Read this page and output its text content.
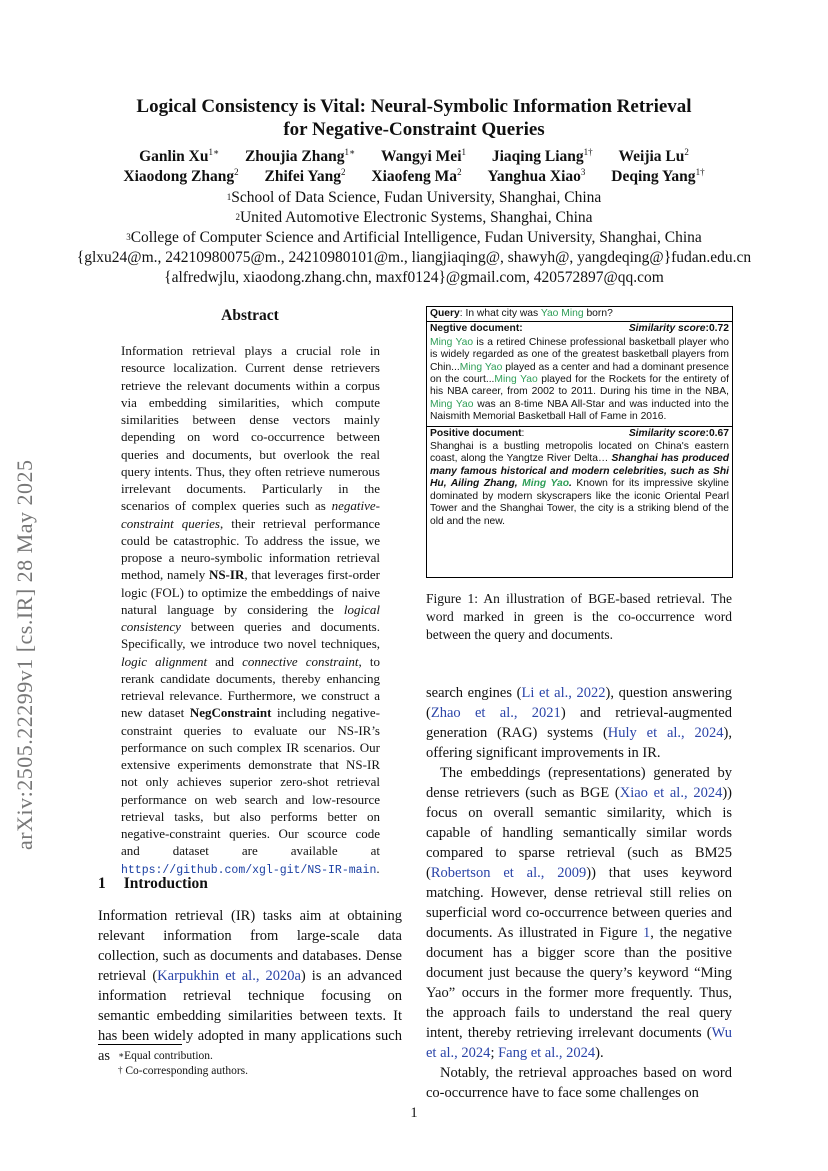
arXiv:2505.22299v1 [cs.IR] 28 May 2025
Logical Consistency is Vital: Neural-Symbolic Information Retrieval
for Negative-Constraint Queries
Ganlin $Xu^{1∗}$ Zhoujia Zhang$^{1∗}$ Wangyi Mei$^1$ Jiaqing Liang$^{1\dagger}$ Weijia Lu$^2$
Xiaodong Zhang$^2$ Zhifei Yang$^2$ Xiaofeng Ma$^2$ Yanghua Xiao$^3$ Deqing Yang$^{1\dagger}$
$^1$School of Data Science, Fudan University, Shanghai, China
$^2$United Automotive Electronic Systems, Shanghai, China
$^3$College of Computer Science and Artificial Intelligence, Fudan University, Shanghai, China
{glxu24@m., 24210980075@m., 24210980101@m., liangjiaqing@, shawyh@, yangdeqing@}fudan.edu.cn
{alfredwjlu, xiaodong.zhang.chn, maxf0124}@gmail.com, 420572897@qq.com
Abstract
Information retrieval plays a crucial role in resource localization. Current dense retrievers retrieve the relevant documents within a corpus via embedding similarities, which compute similarities between dense vectors mainly depending on word co-occurrence between queries and documents, but overlook the real query intents. Thus, they often retrieve numerous irrelevant documents. Particularly in the scenarios of complex queries such as negative-constraint queries, their retrieval performance could be catastrophic. To address the issue, we propose a neuro-symbolic information retrieval method, namely NS-IR, that leverages first-order logic (FOL) to optimize the embeddings of naive natural language by considering the logical consistency between queries and documents. Specifically, we introduce two novel techniques, logic alignment and connective constraint, to rerank candidate documents, thereby enhancing retrieval relevance. Furthermore, we construct a new dataset NegConstraint including negative-constraint queries to evaluate our NS-IR’s performance on such complex IR scenarios. Our extensive experiments demonstrate that NS-IR not only achieves superior zero-shot retrieval performance on web search and low-resource retrieval tasks, but also performs better on negative-constraint queries. Our scource code and dataset are available at https://github.com/xgl-git/NS-IR-main.
1 Introduction
Information retrieval (IR) tasks aim at obtaining relevant information from large-scale data collection, such as documents and databases. Dense retrieval (Karpukhin et al., 2020a) is an advanced information retrieval technique focusing on semantic embedding similarities between texts. It has been widely adopted in many applications such as ∗Equal contribution.
† Co-corresponding authors.
Query: In what city was Yao Ming born?
Negtive document:	Similarity score:0.72
Ming Yao is a retired Chinese professional basketball player who is widely regarded as one of the greatest basketball players from Chin...Ming Yao played as a center and had a dominant presence on the court...Ming Yao played for the Rockets for the entirety of his NBA career, from 2002 to 2011. During his time in the NBA, Ming Yao was an 8-time NBA All-Star and was inducted into the Naismith Memorial Basketball Hall of Fame in 2016.
Positive document:	Similarity score:0.67
Shanghai is a bustling metropolis located on China's eastern coast, along the Yangtze River Delta… Shanghai has produced many famous historical and modern celebrities, such as Shi Hu, Ailing Zhang, Ming Yao. Known for its impressive skyline dominated by modern skyscrapers like the iconic Oriental Pearl Tower and the Shanghai Tower, the city is a striking blend of the old and the new.
Figure 1: An illustration of BGE-based retrieval. The word marked in green is the co-occurrence word between the query and documents.

search engines (Li et al., 2022), question answering (Zhao et al., 2021) and retrieval-augmented generation (RAG) systems (Huly et al., 2024), offering significant improvements in IR.

The embeddings (representations) generated by dense retrievers (such as BGE (Xiao et al., 2024)) focus on overall semantic similarity, which is capable of handling semantically similar words compared to sparse retrieval (such as BM25 (Robertson et al., 2009)) that uses keyword matching. However, dense retrieval still relies on superficial word co-occurrence between queries and documents. As illustrated in Figure 1, the negative document has a bigger score than the positive document just because the query’s keyword “Ming Yao” occurs in the former more frequently. Thus, the approach fails to understand the real query intent, thereby retrieving irrelevant documents (Wu et al., 2024; Fang et al., 2024).

Notably, the retrieval approaches based on word co-occurrence have to face some challenges on

1
